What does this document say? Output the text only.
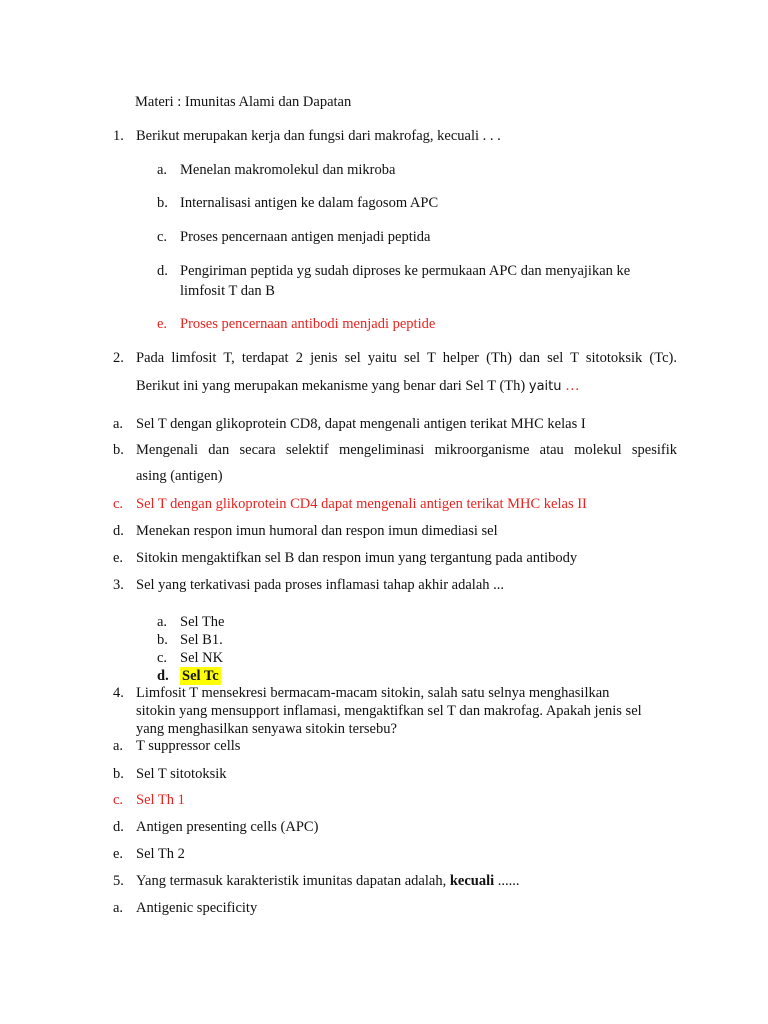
Materi : Imunitas Alami dan Dapatan
1. Berikut merupakan kerja dan fungsi dari makrofag, kecuali . . .
a. Menelan makromolekul dan mikroba
b. Internalisasi antigen ke dalam fagosom APC
c. Proses pencernaan antigen menjadi peptida
d. Pengiriman peptida yg sudah diproses ke permukaan APC dan menyajikan ke
limfosit T dan B
e. Proses pencernaan antibodi menjadi peptide
2. Pada limfosit T, terdapat 2 jenis sel yaitu sel T helper (Th) dan sel T sitotoksik (Tc).
Berikut ini yang merupakan mekanisme yang benar dari Sel T (Th) yaitu …
a. Sel T dengan glikoprotein CD8, dapat mengenali antigen terikat MHC kelas I
b. Mengenali dan secara selektif mengeliminasi mikroorganisme atau molekul spesifik
asing (antigen)
c. Sel T dengan glikoprotein CD4 dapat mengenali antigen terikat MHC kelas II
d. Menekan respon imun humoral dan respon imun dimediasi sel
e. Sitokin mengaktifkan sel B dan respon imun yang tergantung pada antibody
3. Sel yang terkativasi pada proses inflamasi tahap akhir adalah ...
a. Sel The
b. Sel B1.
c. Sel NK
d. Sel Tc
4. Limfosit T mensekresi bermacam-macam sitokin, salah satu selnya menghasilkan
sitokin yang mensupport inflamasi, mengaktifkan sel T dan makrofag. Apakah jenis sel
yang menghasilkan senyawa sitokin tersebu?
a. T suppressor cells
b. Sel T sitotoksik
c. Sel Th 1
d. Antigen presenting cells (APC)
e. Sel Th 2
5. Yang termasuk karakteristik imunitas dapatan adalah, kecuali ......
a. Antigenic specificity
